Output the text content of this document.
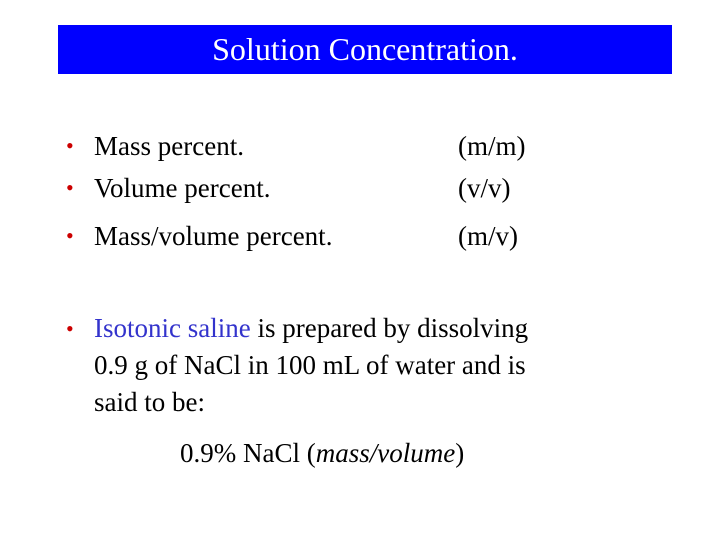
Solution Concentration.
• Mass percent.	(m/m)
• Volume percent.	(v/v)
• Mass/volume percent.	(m/v)
• Isotonic saline is prepared by dissolving
0.9 g of NaCl in 100 mL of water and is
said to be:
0.9% NaCl (mass/volume)
